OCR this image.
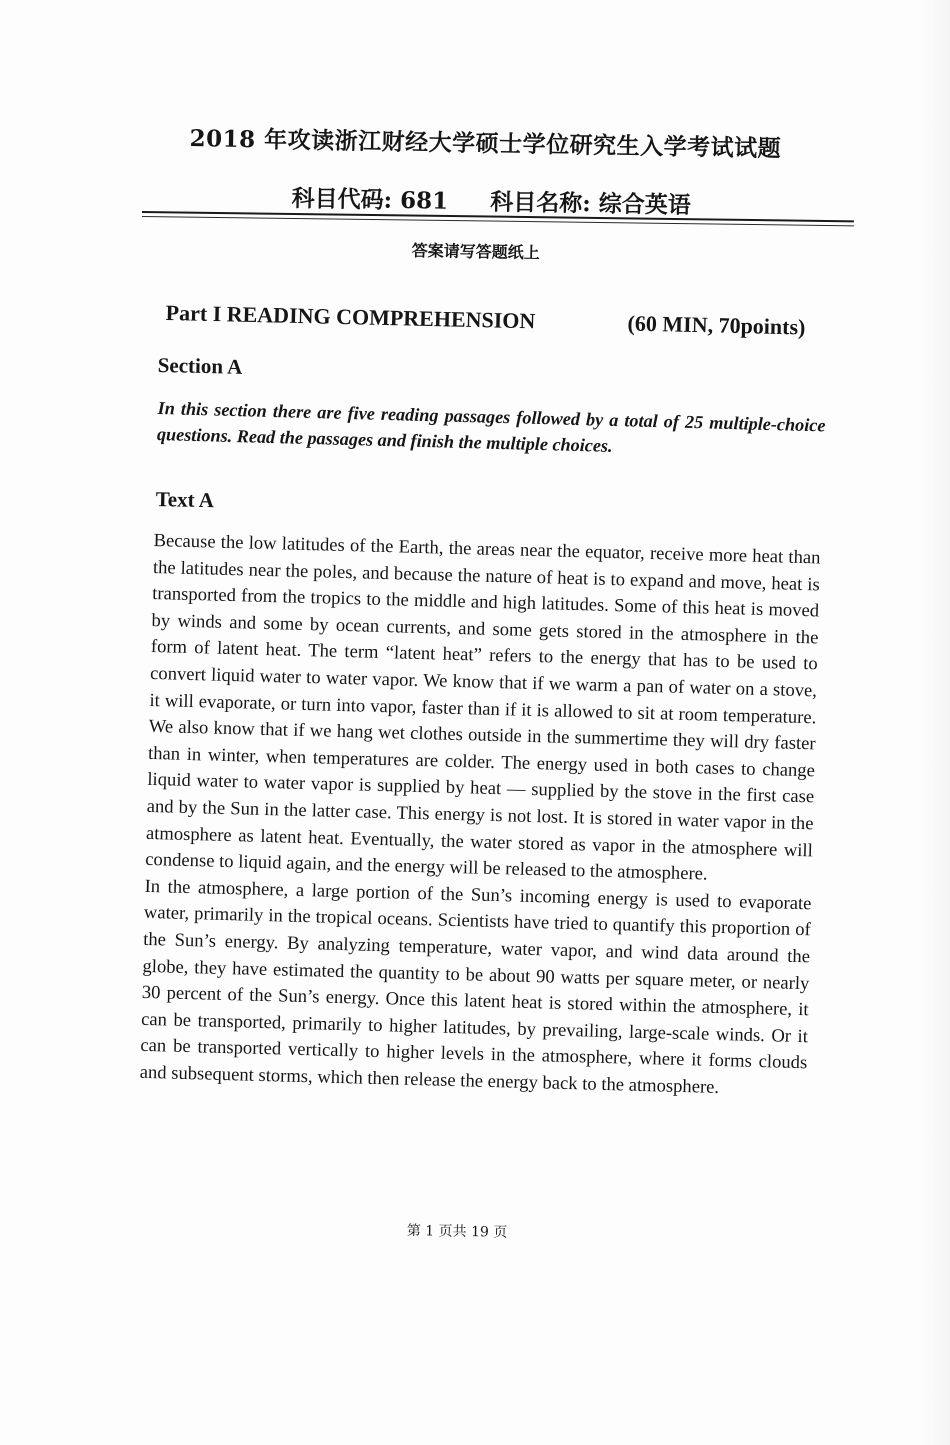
2018 年攻读浙江财经大学硕士学位研究生入学考试试题
科目代码: 681 科目名称: 综合英语
答案请写答题纸上
Part I READING COMPREHENSION	(60 MIN, 70points)
Section A
In this section there are five reading passages followed by a total of 25 multiple-choice questions. Read the passages and finish the multiple choices.
Text A

Because the low latitudes of the Earth, the areas near the equator, receive more heat than the latitudes near the poles, and because the nature of heat is to expand and move, heat is transported from the tropics to the middle and high latitudes. Some of this heat is moved by winds and some by ocean currents, and some gets stored in the atmosphere in the form of latent heat. The term “latent heat” refers to the energy that has to be used to convert liquid water to water vapor. We know that if we warm a pan of water on a stove, it will evaporate, or turn into vapor, faster than if it is allowed to sit at room temperature. We also know that if we hang wet clothes outside in the summertime they will dry faster than in winter, when temperatures are colder. The energy used in both cases to change liquid water to water vapor is supplied by heat — supplied by the stove in the first case and by the Sun in the latter case. This energy is not lost. It is stored in water vapor in the atmosphere as latent heat. Eventually, the water stored as vapor in the atmosphere will condense to liquid again, and the energy will be released to the atmosphere.

In the atmosphere, a large portion of the Sun’s incoming energy is used to evaporate water, primarily in the tropical oceans. Scientists have tried to quantify this proportion of the Sun’s energy. By analyzing temperature, water vapor, and wind data around the globe, they have estimated the quantity to be about 90 watts per square meter, or nearly 30 percent of the Sun’s energy. Once this latent heat is stored within the atmosphere, it can be transported, primarily to higher latitudes, by prevailing, large-scale winds. Or it can be transported vertically to higher levels in the atmosphere, where it forms clouds and subsequent storms, which then release the energy back to the atmosphere.

第 1 页共 19 页
